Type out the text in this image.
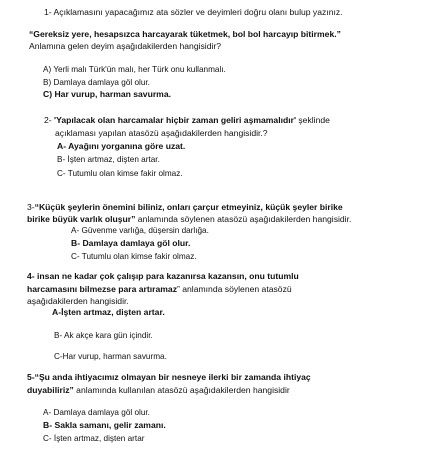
1- Açıklamasını yapacağımız ata sözler ve deyimleri doğru olanı bulup yazınız.
“Gereksiz yere, hesapsızca harcayarak tüketmek, bol bol harcayıp bitirmek.”
Anlamına gelen deyim aşağıdakilerden hangisidir?
A) Yerli malı Türk'ün malı, her Türk onu kullanmalı.
B) Damlaya damlaya göl olur.
C) Har vurup, harman savurma.
2- 'Yapılacak olan harcamalar hiçbir zaman geliri aşmamalıdır' şeklinde
açıklaması yapılan atasözü aşağıdakilerden hangisidir.?
A- Ayağını yorganına göre uzat.
B- İşten artmaz, dişten artar.
C- Tutumlu olan kimse fakir olmaz.
3-“Küçük şeylerin önemini biliniz, onları çarçur etmeyiniz, küçük şeyler birike
birike büyük varlık oluşur” anlamında söylenen atasözü aşağıdakilerden hangisidir.
A- Güvenme varlığa, düşersin darlığa.
B- Damlaya damlaya göl olur.
C- Tutumlu olan kimse fakir olmaz.
4- insan ne kadar çok çalışıp para kazanırsa kazansın, onu tutumlu
harcamasını bilmezse para artıramaz” anlamında söylenen atasözü
aşağıdakilerden hangisidir.
A-İşten artmaz, dişten artar.
B- Ak akçe kara gün içindir.
C-Har vurup, harman savurma.
5-“Şu anda ihtiyacımız olmayan bir nesneye ilerki bir zamanda ihtiyaç
duyabiliriz” anlamında kullanılan atasözü aşağıdakilerden hangisidir
A- Damlaya damlaya göl olur.
B- Sakla samanı, gelir zamanı.
C- İşten artmaz, dişten artar
